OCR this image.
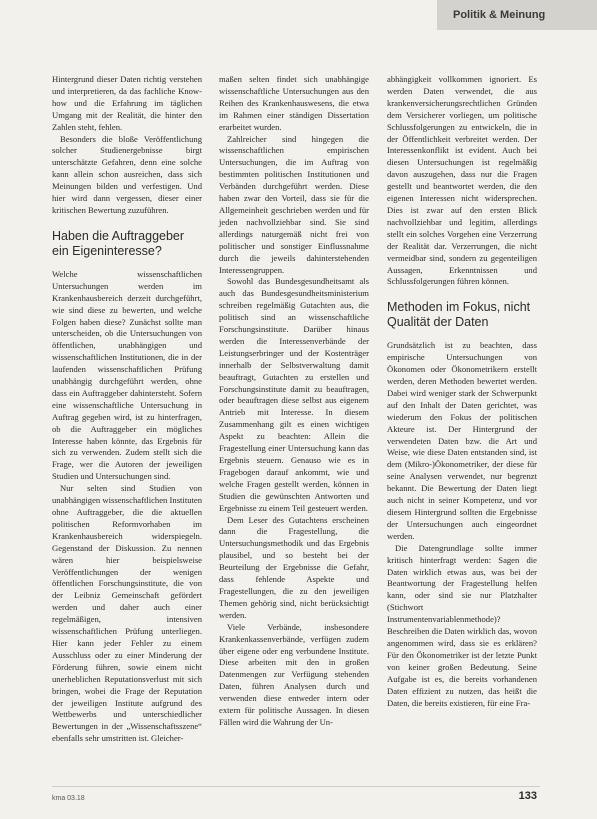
Politik & Meinung

Hintergrund dieser Daten richtig verstehen und interpretieren, da das fachliche Know-how und die Erfahrung im täglichen Umgang mit der Realität, die hinter den Zahlen steht, fehlen.

Besonders die bloße Veröffentlichung solcher Studienergebnisse birgt unterschätzte Gefahren, denn eine solche kann allein schon ausreichen, dass sich Meinungen bilden und verfestigen. Und hier wird dann vergessen, dieser einer kritischen Bewertung zuzuführen.

Haben die Auftraggeber ein Eigeninteresse?

Welche wissenschaftlichen Untersuchungen werden im Krankenhausbereich derzeit durchgeführt, wie sind diese zu bewerten, und welche Folgen haben diese? Zunächst sollte man unterscheiden, ob die Untersuchungen von öffentlichen, unabhängigen und wissenschaftlichen Institutionen, die in der laufenden wissenschaftlichen Prüfung unabhängig durchgeführt werden, ohne dass ein Auftraggeber dahintersteht. Sofern eine wissenschaftliche Untersuchung in Auftrag gegeben wird, ist zu hinterfragen, ob die Auftraggeber ein mögliches Interesse haben könnte, das Ergebnis für sich zu verwenden. Zudem stellt sich die Frage, wer die Autoren der jeweiligen Studien und Untersuchungen sind.

Nur selten sind Studien von unabhängigen wissenschaftlichen Instituten ohne Auftraggeber, die die aktuellen politischen Reformvorhaben im Krankenhausbereich widerspiegeln. Gegenstand der Diskussion. Zu nennen wären hier beispielsweise Veröffentlichungen der wenigen öffentlichen Forschungsinstitute, die von der Leibniz Gemeinschaft gefördert werden und daher auch einer regelmäßigen, intensiven wissenschaftlichen Prüfung unterliegen. Hier kann jeder Fehler zu einem Ausschluss oder zu einer Minderung der Förderung führen, sowie einem nicht unerheblichen Reputationsverlust mit sich bringen, wobei die Frage der Reputation der jeweiligen Institute aufgrund des Wettbewerbs und unterschiedlicher Bewertungen in der „Wissenschaftsszene“ ebenfalls sehr umstritten ist. Gleicher-

maßen selten findet sich unabhängige wissenschaftliche Untersuchungen aus den Reihen des Krankenhauswesens, die etwa im Rahmen einer ständigen Dissertation erarbeitet wurden.

Zahlreicher sind hingegen die wissenschaftlichen empirischen Untersuchungen, die im Auftrag von bestimmten politischen Institutionen und Verbänden durchgeführt werden. Diese haben zwar den Vorteil, dass sie für die Allgemeinheit geschrieben werden und für jeden nachvollziehbar sind. Sie sind allerdings naturgemäß nicht frei von politischer und sonstiger Einflussnahme durch die jeweils dahinterstehenden Interessengruppen.

Sowohl das Bundesgesundheitsamt als auch das Bundesgesundheitsministerium schreiben regelmäßig Gutachten aus, die politisch sind an wissenschaftliche Forschungsinstitute. Darüber hinaus werden die Interessenverbände der Leistungserbringer und der Kostenträger innerhalb der Selbstverwaltung damit beauftragt, Gutachten zu erstellen und Forschungsinstitute damit zu beauftragen, oder beauftragen diese selbst aus eigenem Antrieb mit Interesse. In diesem Zusammenhang gilt es einen wichtigen Aspekt zu beachten: Allein die Fragestellung einer Untersuchung kann das Ergebnis steuern. Genauso wie es in Fragebogen darauf ankommt, wie und welche Fragen gestellt werden, können in Studien die gewünschten Antworten und Ergebnisse zu einem Teil gesteuert werden.

Dem Leser des Gutachtens erscheinen dann die Fragestellung, die Untersuchungsmethodik und das Ergebnis plausibel, und so besteht bei der Beurteilung der Ergebnisse die Gefahr, dass fehlende Aspekte und Fragestellungen, die zu den jeweiligen Themen gehörig sind, nicht berücksichtigt werden.

Viele Verbände, insbesondere Krankenkassenverbände, verfügen zudem über eigene oder eng verbundene Institute. Diese arbeiten mit den in großen Datenmengen zur Verfügung stehenden Daten, führen Analysen durch und verwenden diese entweder intern oder extern für politische Aussagen. In diesen Fällen wird die Wahrung der Un-

abhängigkeit vollkommen ignoriert. Es werden Daten verwendet, die aus krankenversicherungsrechtlichen Gründen dem Versicherer vorliegen, um politische Schlussfolgerungen zu entwickeln, die in der Öffentlichkeit verbreitet werden. Der Interessenkonflikt ist evident. Auch bei diesen Untersuchungen ist regelmäßig davon auszugehen, dass nur die Fragen gestellt und beantwortet werden, die den eigenen Interessen nicht widersprechen. Dies ist zwar auf den ersten Blick nachvollziehbar und legitim, allerdings stellt ein solches Vorgehen eine Verzerrung der Realität dar. Verzerrungen, die nicht vermeidbar sind, sondern zu gegenteiligen Aussagen, Erkenntnissen und Schlussfolgerungen führen können.

Methoden im Fokus, nicht Qualität der Daten

Grundsätzlich ist zu beachten, dass empirische Untersuchungen von Ökonomen oder Ökonometrikern erstellt werden, deren Methoden bewertet werden. Dabei wird weniger stark der Schwerpunkt auf den Inhalt der Daten gerichtet, was wiederum den Fokus der politischen Akteure ist. Der Hintergrund der verwendeten Daten bzw. die Art und Weise, wie diese Daten entstanden sind, ist dem (Mikro-)Ökonometriker, der diese für seine Analysen verwendet, nur begrenzt bekannt. Die Bewertung der Daten liegt auch nicht in seiner Kompetenz, und vor diesem Hintergrund sollten die Ergebnisse der Untersuchungen auch eingeordnet werden.

Die Datengrundlage sollte immer kritisch hinterfragt werden: Sagen die Daten wirklich etwas aus, was bei der Beantwortung der Fragestellung helfen kann, oder sind sie nur Platzhalter (Stichwort Instrumentenvariablenmethode)? Beschreiben die Daten wirklich das, wovon angenommen wird, dass sie es erklären? Für den Ökonometriker ist der letzte Punkt von keiner großen Bedeutung. Seine Aufgabe ist es, die bereits vorhandenen Daten effizient zu nutzen, das heißt die Daten, die bereits existieren, für eine Fra-

kma 03.18	133
